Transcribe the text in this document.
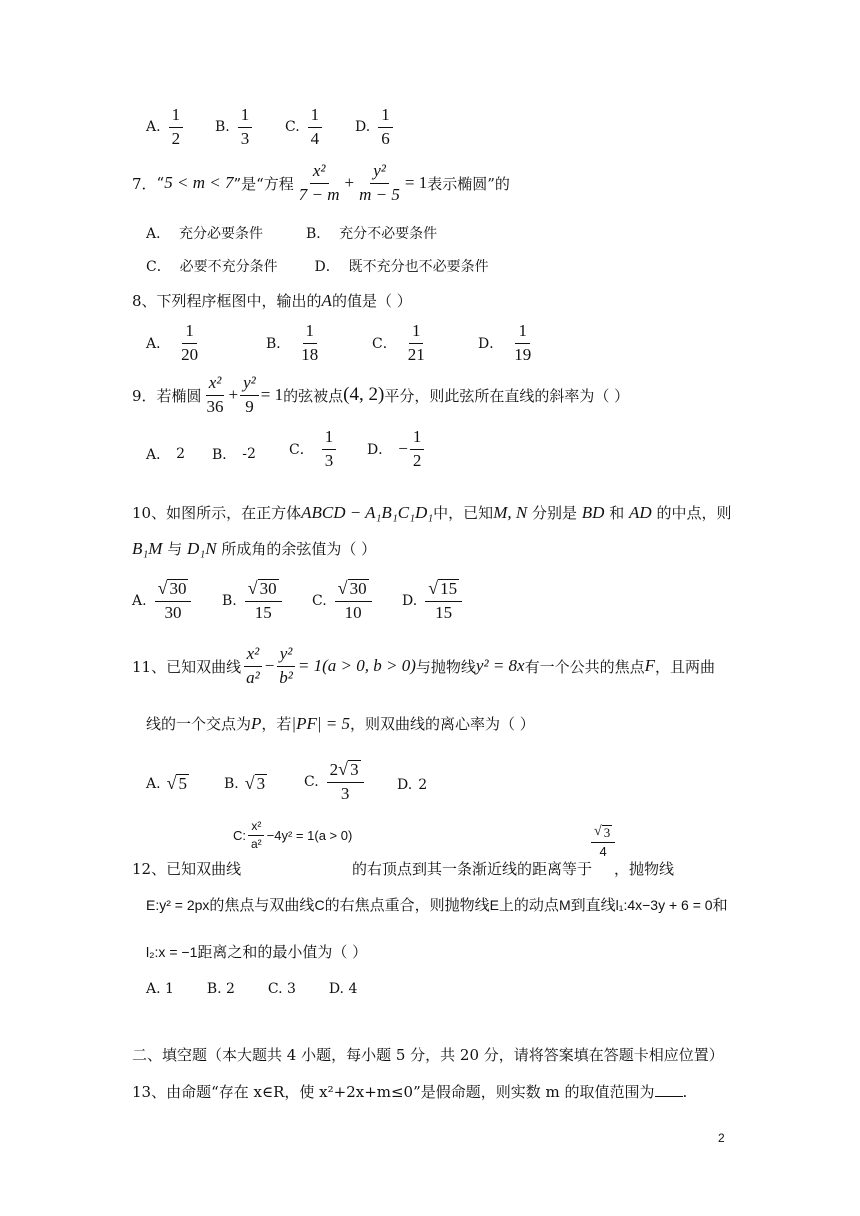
A. $\frac{1}{2} B$. $\frac{1}{3} C$. $\frac{1}{4} D$. $\frac{1}{6}$
7． “ 5 < m < 7 ”是“方程 $\frac{\text{x²}}{7 - m} + \frac{\text{y²}}{m - 5} = 1$ 表示椭圆”的
A． 充分必要条件	B． 充分不必要条件
C． 必要不充分条件	D． 既不充分也不必要条件
8、下列程序框图中，输出的A的值是（ ）
A． $\frac{1}{20}$	B． $\frac{1}{18}$	C． $\frac{1}{21}$	D． $\frac{1}{19}$
9．若椭圆 $\frac{\text{x²}}{36} + \frac{\text{y²}}{9} = 1$ 的弦被点 (4, 2) 平分，则此弦所在直线的斜率为（ ）
A． 2 B． -2 C． $\frac{1}{3}$ D． − $\frac{1}{2}$
10、如图所示，在正方体ABCD − A₁B₁C₁D₁中，已知M, N 分别是 BD 和 AD 的中点，则
B₁M 与 D₁N 所成角的余弦值为（ ）
A. $\frac{√ 30}{30} B$. $\frac{√ 30}{15} C$. $\frac{√ 30}{10} D$. $\frac{√ 15}{15}$
11、已知双曲线 $\frac{\text{x²}}{\text{a²}} - \frac{\text{y²}}{\text{b²}} = 1(a > 0$, b > 0) 与抛物线 y² = 8x 有一个公共的焦点 F ，且两曲
线的一个交点为P，若|PF| = 5，则双曲线的离心率为（ ）
A. √ 5	B. √ 3	C. $\frac{2 √ 3}{3} D$. 2
C: $\frac{\text{x²}}{\text{a²}} -4y^2 = 1(a > 0)$
12、已知双曲线	的右顶点到其一条渐近线的距离等于
$\frac{√ 3}{4}$
，抛物线
E:y² = 2px的焦点与双曲线C的右焦点重合，则抛物线E上的动点M到直线l₁:4x−3y + 6 = 0和
l₂:x = −1距离之和的最小值为（ ）
A. 1 B. 2 C. 3 D. 4
二、填空题（本大题共 4 小题，每小题 5 分，共 20 分，请将答案填在答题卡相应位置）
13、由命题“存在 x∈R，使 x²+2x+m≤0”是假命题，则实数 m 的取值范围为 .
2
